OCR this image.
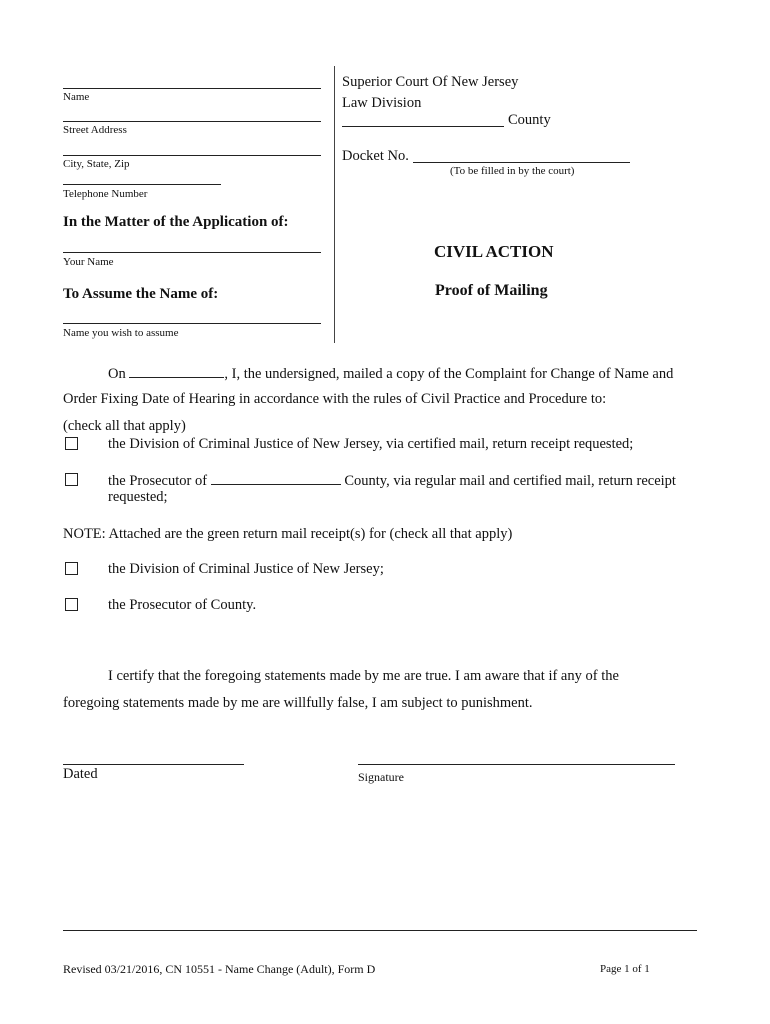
Name
Street Address
City, State, Zip
Telephone Number
In the Matter of the Application of:
Your Name
To Assume the Name of:
Name you wish to assume
Superior Court Of New Jersey
Law Division
County
Docket No.
(To be filled in by the court)
CIVIL ACTION
Proof of Mailing
On	, I, the undersigned, mailed a copy of the Complaint for Change of Name and
Order Fixing Date of Hearing in accordance with the rules of Civil Practice and Procedure to:
(check all that apply)
the Division of Criminal Justice of New Jersey, via certified mail, return receipt requested;
the Prosecutor of	County, via regular mail and certified mail, return receipt
requested;
NOTE: Attached are the green return mail receipt(s) for (check all that apply)
the Division of Criminal Justice of New Jersey;
the Prosecutor of County.
I certify that the foregoing statements made by me are true. I am aware that if any of the
foregoing statements made by me are willfully false, I am subject to punishment.
Dated	Signature
Revised 03/21/2016, CN 10551 - Name Change (Adult), Form D	Page 1 of 1
